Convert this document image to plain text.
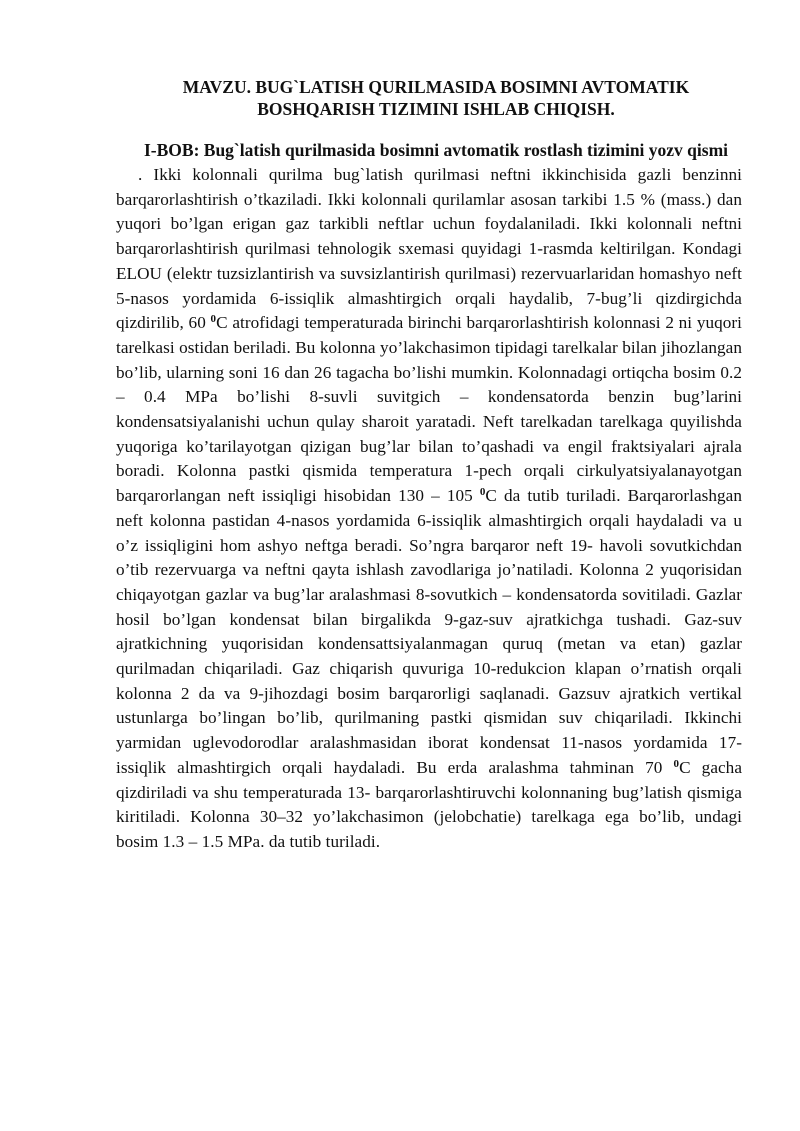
MAVZU. BUG`LATISH QURILMASIDA BOSIMNI AVTOMATIK
BOSHQARISH TIZIMINI ISHLAB CHIQISH.
I-BOB: Bug`latish qurilmasida bosimni avtomatik rostlash tizimini yozv qismi

. Ikki kolonnali qurilma bug`latish qurilmasi neftni ikkinchisida gazli benzinni barqarorlashtirish o’tkaziladi. Ikki kolonnali qurilamlar asosan tarkibi 1.5 % (mass.) dan yuqori bo’lgan erigan gaz tarkibli neftlar uchun foydalaniladi. Ikki kolonnali neftni barqarorlashtirish qurilmasi tehnologik sxemasi quyidagi 1-rasmda keltirilgan. Kondagi ELOU (elektr tuzsizlantirish va suvsizlantirish qurilmasi) rezervuarlaridan homashyo neft 5-nasos yordamida 6-issiqlik almashtirgich orqali haydalib, 7-bug’li qizdirgichda qizdirilib, 60 $^0$C atrofidagi temperaturada birinchi barqarorlashtirish kolonnasi 2 ni yuqori tarelkasi ostidan beriladi. Bu kolonna yo’lakchasimon tipidagi tarelkalar bilan jihozlangan bo’lib, ularning soni 16 dan 26 tagacha bo’lishi mumkin. Kolonnadagi ortiqcha bosim 0.2 – 0.4 MPa bo’lishi 8-suvli suvitgich – kondensatorda benzin bug’larini kondensatsiyalanishi uchun qulay sharoit yaratadi. Neft tarelkadan tarelkaga quyilishda yuqoriga ko’tarilayotgan qizigan bug’lar bilan to’qashadi va engil fraktsiyalari ajrala boradi. Kolonna pastki qismida temperatura 1-pech orqali cirkulyatsiyalanayotgan barqarorlangan neft issiqligi hisobidan 130 – 105 $^0$C da tutib turiladi. Barqarorlashgan neft kolonna pastidan 4-nasos yordamida 6-issiqlik almashtirgich orqali haydaladi va u o’z issiqligini hom ashyo neftga beradi. So’ngra barqaror neft 19- havoli sovutkichdan o’tib rezervuarga va neftni qayta ishlash zavodlariga jo’natiladi. Kolonna 2 yuqorisidan chiqayotgan gazlar va bug’lar aralashmasi 8-sovutkich – kondensatorda sovitiladi. Gazlar hosil bo’lgan kondensat bilan birgalikda 9-gaz-suv ajratkichga tushadi. Gaz-suv ajratkichning yuqorisidan kondensattsiyalanmagan quruq (metan va etan) gazlar qurilmadan chiqariladi. Gaz chiqarish quvuriga 10-redukcion klapan o’rnatish orqali kolonna 2 da va 9-jihozdagi bosim barqarorligi saqlanadi. Gazsuv ajratkich vertikal ustunlarga bo’lingan bo’lib, qurilmaning pastki qismidan suv chiqariladi. Ikkinchi yarmidan uglevodorodlar aralashmasidan iborat kondensat 11-nasos yordamida 17-issiqlik almashtirgich orqali haydaladi. Bu erda aralashma tahminan 70 $^0$C gacha qizdiriladi va shu temperaturada 13- barqarorlashtiruvchi kolonnaning bug’latish qismiga kiritiladi. Kolonna 30–32 yo’lakchasimon (jelobchatie) tarelkaga ega bo’lib, undagi bosim 1.3 – 1.5 MPa. da tutib turiladi.
